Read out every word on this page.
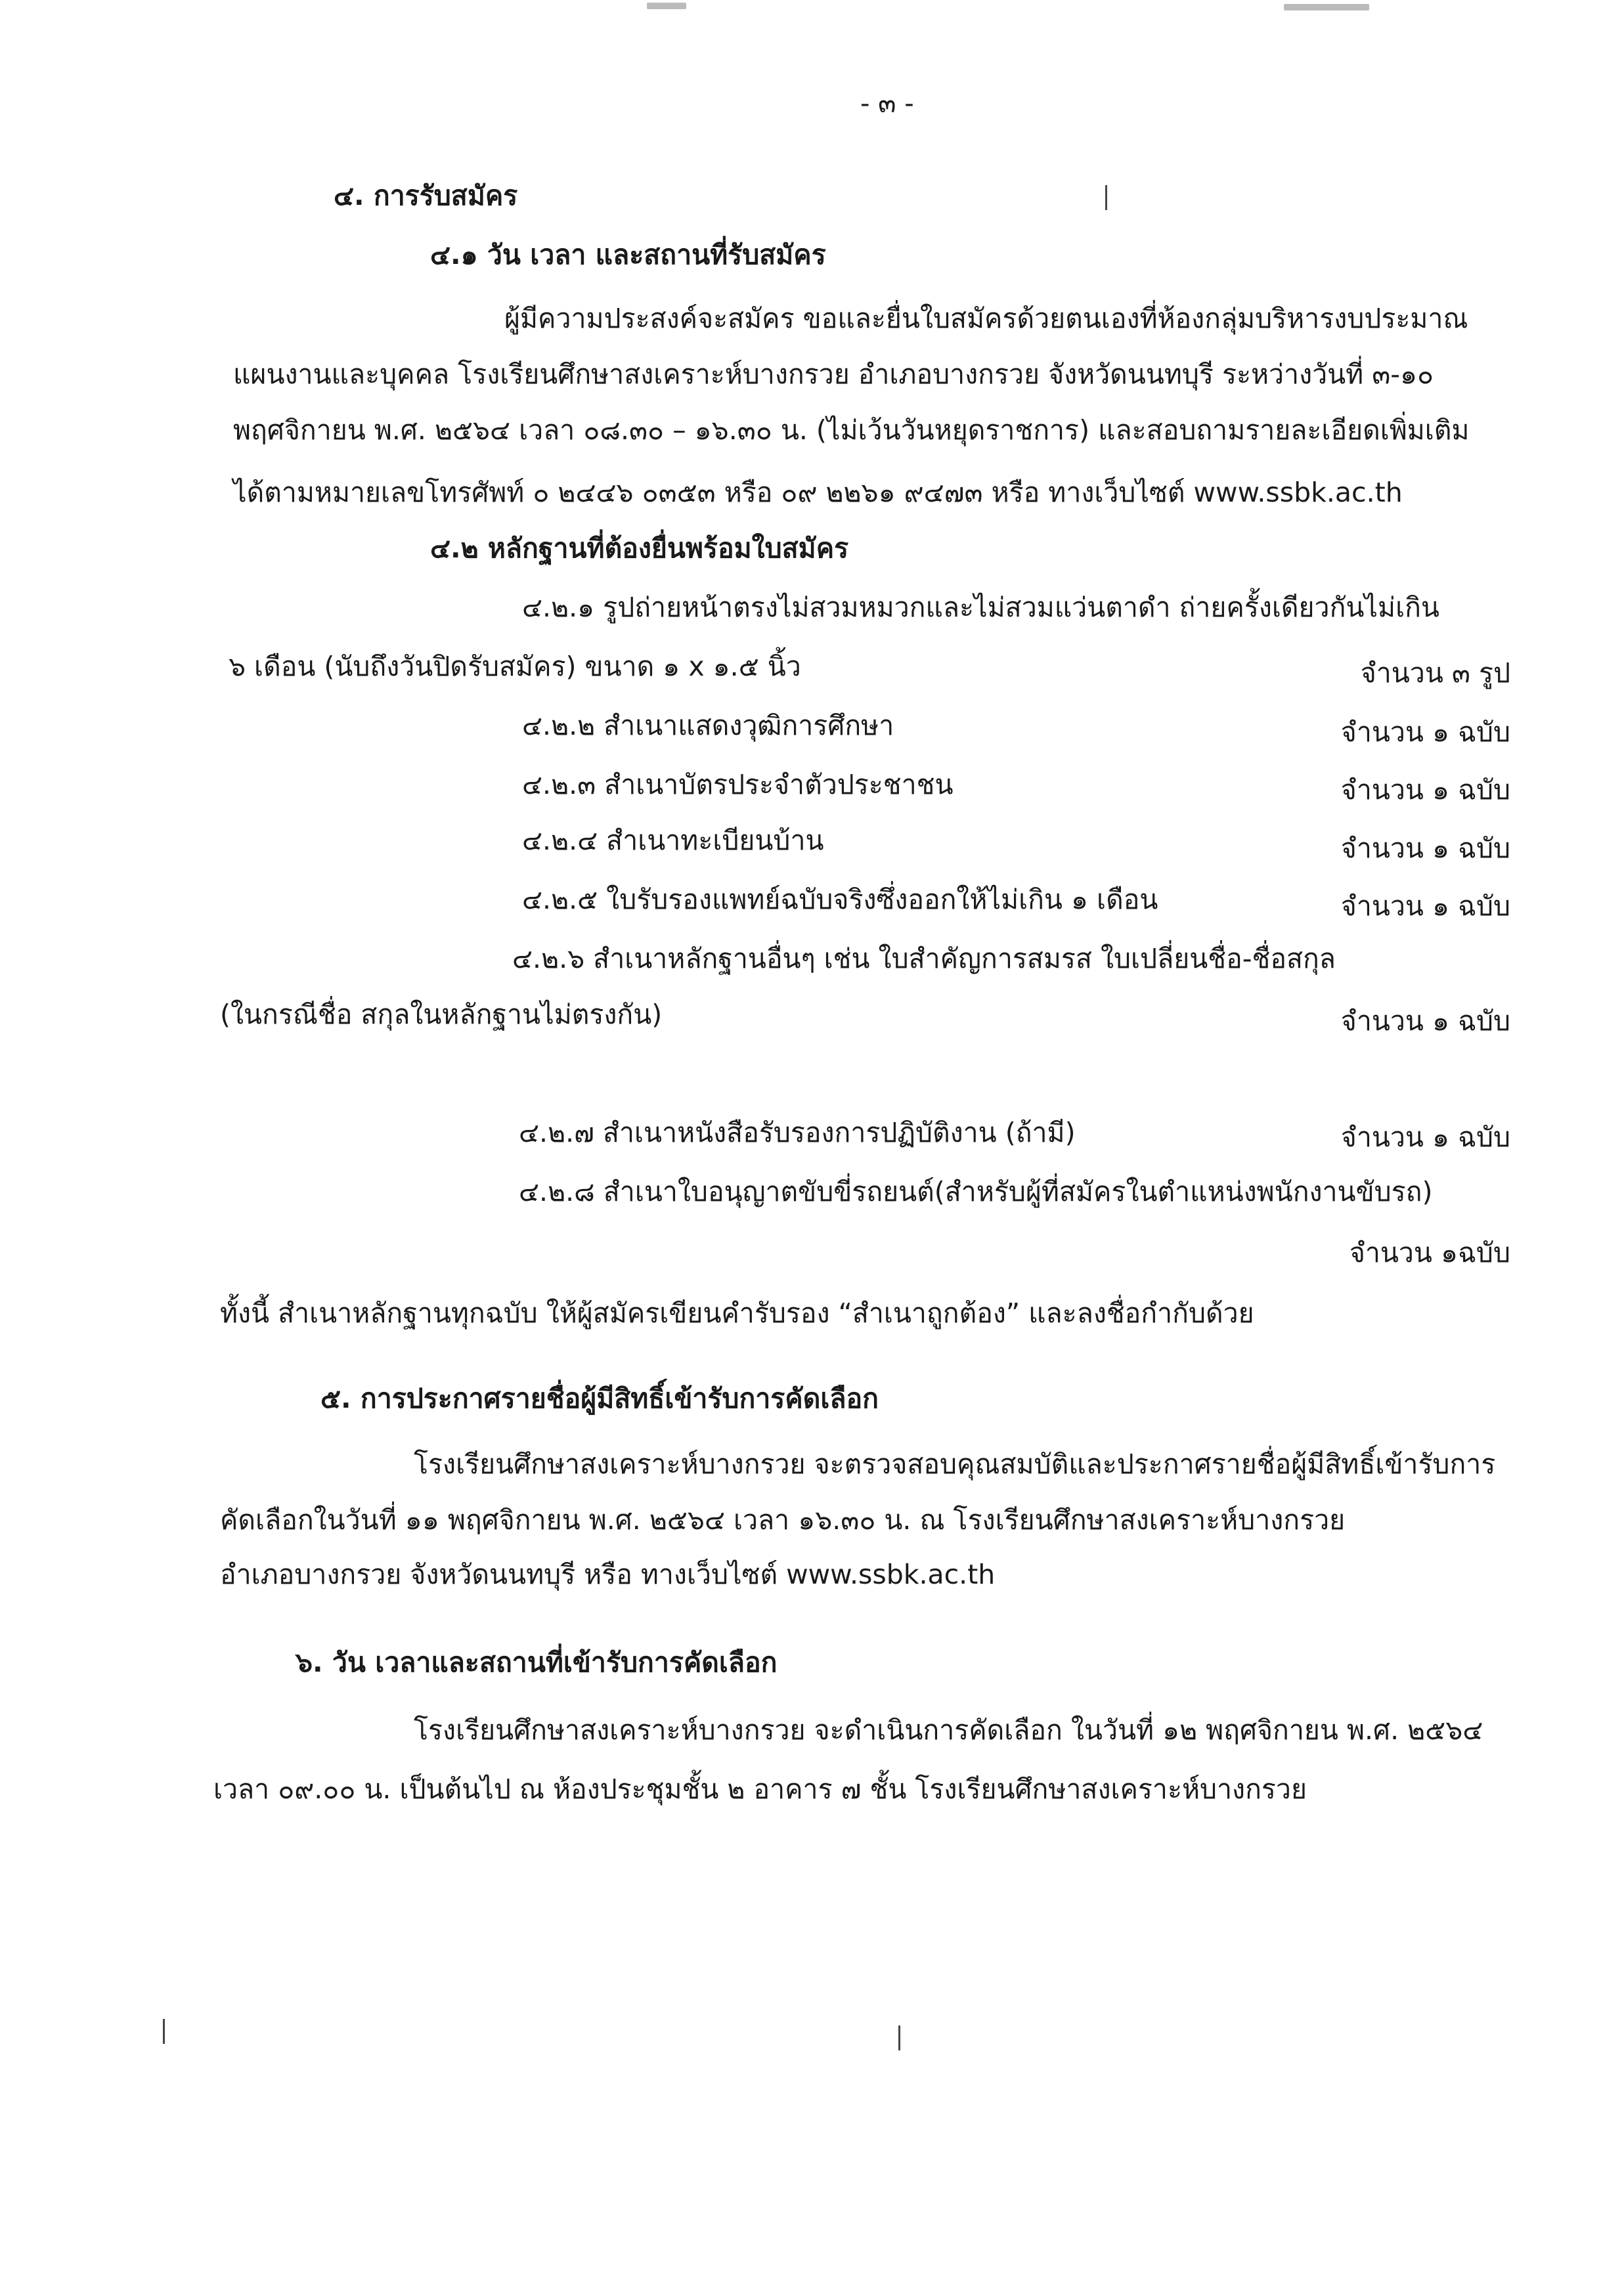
- ๓ -
๔. การรับสมัคร
๔.๑ วัน เวลา และสถานที่รับสมัคร
ผู้มีความประสงค์จะสมัคร ขอและยื่นใบสมัครด้วยตนเองที่ห้องกลุ่มบริหารงบประมาณ
แผนงานและบุคคล โรงเรียนศึกษาสงเคราะห์บางกรวย อำเภอบางกรวย จังหวัดนนทบุรี ระหว่างวันที่ ๓-๑๐
พฤศจิกายน พ.ศ. ๒๕๖๔ เวลา ๐๘.๓๐ – ๑๖.๓๐ น. (ไม่เว้นวันหยุดราชการ) และสอบถามรายละเอียดเพิ่มเติม
ได้ตามหมายเลขโทรศัพท์ ๐ ๒๔๔๖ ๐๓๕๓ หรือ ๐๙ ๒๒๖๑ ๙๔๗๓ หรือ ทางเว็บไซต์ www.ssbk.ac.th
๔.๒ หลักฐานที่ต้องยื่นพร้อมใบสมัคร
๔.๒.๑ รูปถ่ายหน้าตรงไม่สวมหมวกและไม่สวมแว่นตาดำ ถ่ายครั้งเดียวกันไม่เกิน
๖ เดือน (นับถึงวันปิดรับสมัคร) ขนาด ๑ x ๑.๕ นิ้ว	จำนวน ๓ รูป
๔.๒.๒ สำเนาแสดงวุฒิการศึกษา	จำนวน ๑ ฉบับ
๔.๒.๓ สำเนาบัตรประจำตัวประชาชน	จำนวน ๑ ฉบับ
๔.๒.๔ สำเนาทะเบียนบ้าน	จำนวน ๑ ฉบับ
๔.๒.๕ ใบรับรองแพทย์ฉบับจริงซึ่งออกให้ไม่เกิน ๑ เดือน	จำนวน ๑ ฉบับ
๔.๒.๖ สำเนาหลักฐานอื่นๆ เช่น ใบสำคัญการสมรส ใบเปลี่ยนชื่อ-ชื่อสกุล
(ในกรณีชื่อ สกุลในหลักฐานไม่ตรงกัน)	จำนวน ๑ ฉบับ
๔.๒.๗ สำเนาหนังสือรับรองการปฏิบัติงาน (ถ้ามี)	จำนวน ๑ ฉบับ
๔.๒.๘ สำเนาใบอนุญาตขับขี่รถยนต์(สำหรับผู้ที่สมัครในตำแหน่งพนักงานขับรถ)
จำนวน ๑ฉบับ
ทั้งนี้ สำเนาหลักฐานทุกฉบับ ให้ผู้สมัครเขียนคำรับรอง “สำเนาถูกต้อง” และลงชื่อกำกับด้วย
๕. การประกาศรายชื่อผู้มีสิทธิ์เข้ารับการคัดเลือก
โรงเรียนศึกษาสงเคราะห์บางกรวย จะตรวจสอบคุณสมบัติและประกาศรายชื่อผู้มีสิทธิ์เข้ารับการ
คัดเลือกในวันที่ ๑๑ พฤศจิกายน พ.ศ. ๒๕๖๔ เวลา ๑๖.๓๐ น. ณ โรงเรียนศึกษาสงเคราะห์บางกรวย
อำเภอบางกรวย จังหวัดนนทบุรี หรือ ทางเว็บไซต์ www.ssbk.ac.th
๖. วัน เวลาและสถานที่เข้ารับการคัดเลือก
โรงเรียนศึกษาสงเคราะห์บางกรวย จะดำเนินการคัดเลือก ในวันที่ ๑๒ พฤศจิกายน พ.ศ. ๒๕๖๔
เวลา ๐๙.๐๐ น. เป็นต้นไป ณ ห้องประชุมชั้น ๒ อาคาร ๗ ชั้น โรงเรียนศึกษาสงเคราะห์บางกรวย
